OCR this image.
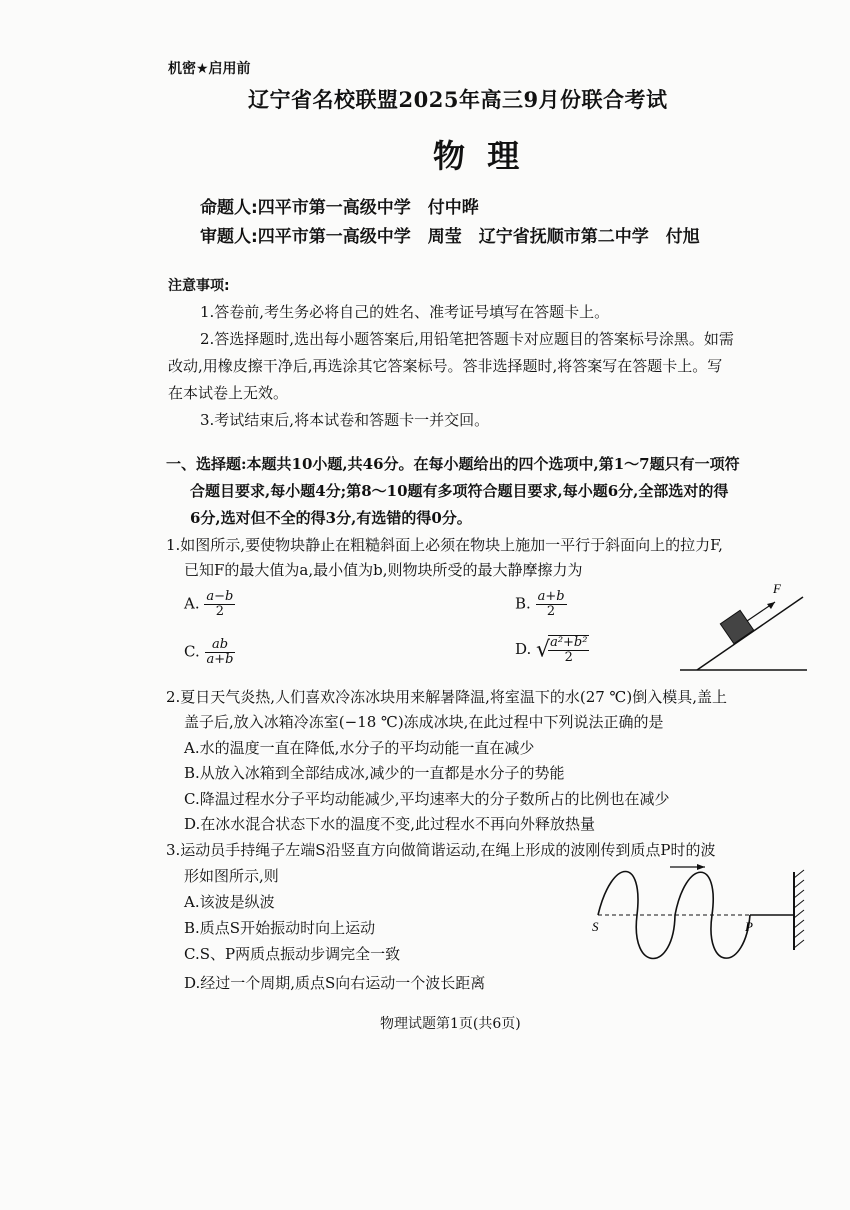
机密★启用前
辽宁省名校联盟2025年高三9月份联合考试
物  理
命题人:四平市第一高级中学　付中晔
审题人:四平市第一高级中学　周莹　辽宁省抚顺市第二中学　付旭
注意事项:
1.答卷前,考生务必将自己的姓名、准考证号填写在答题卡上。
2.答选择题时,选出每小题答案后,用铅笔把答题卡对应题目的答案标号涂黑。如需
改动,用橡皮擦干净后,再选涂其它答案标号。答非选择题时,将答案写在答题卡上。写
在本试卷上无效。
3.考试结束后,将本试卷和答题卡一并交回。
一、选择题:本题共10小题,共46分。在每小题给出的四个选项中,第1～7题只有一项符
合题目要求,每小题4分;第8～10题有多项符合题目要求,每小题6分,全部选对的得
6分,选对但不全的得3分,有选错的得0分。
1.如图所示,要使物块静止在粗糙斜面上必须在物块上施加一平行于斜面向上的拉力F,
已知F的最大值为a,最小值为b,则物块所受的最大静摩擦力为
A. $\frac{a-b}{2}$	B. $\frac{a+b}{2}$
C. $\frac{ab}{a+b}$	D. √
$\frac{\text{a²+b²}}{2}$
F
2.夏日天气炎热,人们喜欢冷冻冰块用来解暑降温,将室温下的水(27 ℃)倒入模具,盖上
盖子后,放入冰箱冷冻室(−18 ℃)冻成冰块,在此过程中下列说法正确的是
A.水的温度一直在降低,水分子的平均动能一直在减少
B.从放入冰箱到全部结成冰,减少的一直都是水分子的势能
C.降温过程水分子平均动能减少,平均速率大的分子数所占的比例也在减少
D.在冰水混合状态下水的温度不变,此过程水不再向外释放热量
3.运动员手持绳子左端S沿竖直方向做简谐运动,在绳上形成的波刚传到质点P时的波
形如图所示,则
A.该波是纵波
B.质点S开始振动时向上运动
C.S、P两质点振动步调完全一致
D.经过一个周期,质点S向右运动一个波长距离
S	P
物理试题第1页(共6页)
